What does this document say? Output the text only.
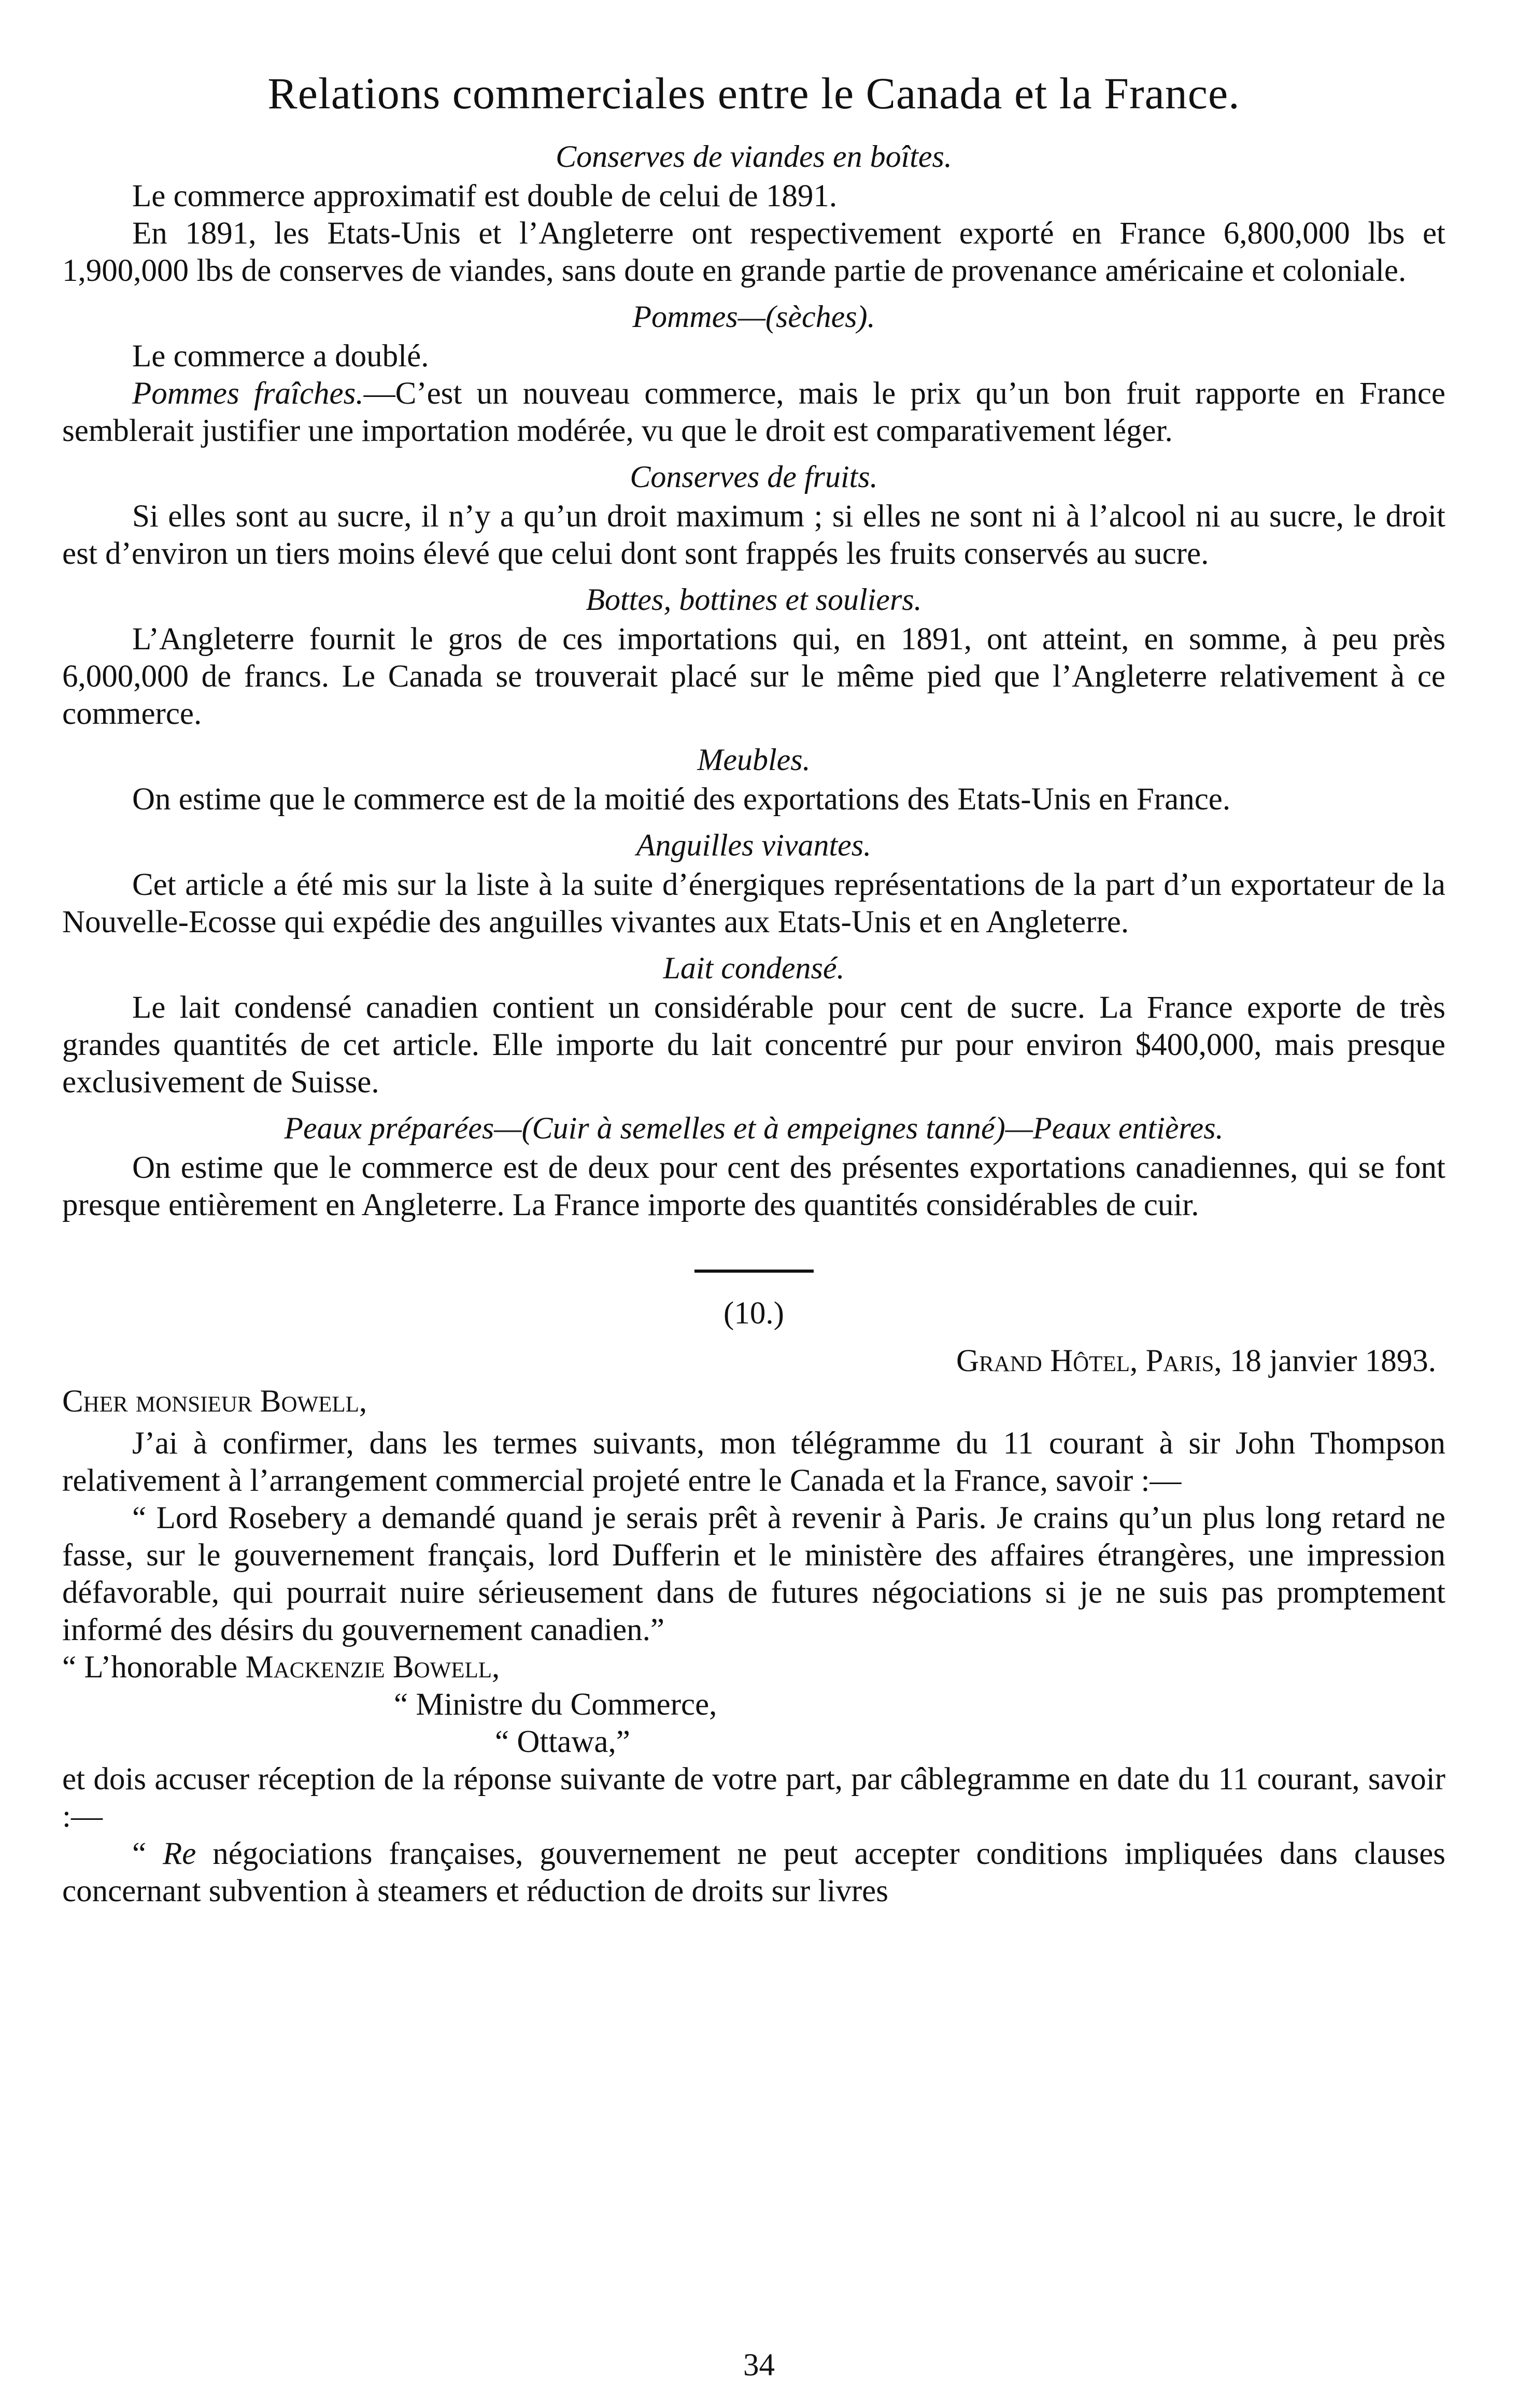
Relations commerciales entre le Canada et la France.
Conserves de viandes en boîtes.

Le commerce approximatif est double de celui de 1891.

En 1891, les Etats-Unis et l’Angleterre ont respectivement exporté en France 6,800,000 lbs et 1,900,000 lbs de conserves de viandes, sans doute en grande partie de provenance américaine et coloniale.

Pommes—(sèches).

Le commerce a doublé.

Pommes fraîches.—C’est un nouveau commerce, mais le prix qu’un bon fruit rapporte en France semblerait justifier une importation modérée, vu que le droit est comparativement léger.

Conserves de fruits.

Si elles sont au sucre, il n’y a qu’un droit maximum ; si elles ne sont ni à l’alcool ni au sucre, le droit est d’environ un tiers moins élevé que celui dont sont frappés les fruits conservés au sucre.

Bottes, bottines et souliers.

L’Angleterre fournit le gros de ces importations qui, en 1891, ont atteint, en somme, à peu près 6,000,000 de francs. Le Canada se trouverait placé sur le même pied que l’Angleterre relativement à ce commerce.

Meubles.

On estime que le commerce est de la moitié des exportations des Etats-Unis en France.

Anguilles vivantes.

Cet article a été mis sur la liste à la suite d’énergiques représentations de la part d’un exportateur de la Nouvelle-Ecosse qui expédie des anguilles vivantes aux Etats-Unis et en Angleterre.

Lait condensé.

Le lait condensé canadien contient un considérable pour cent de sucre. La France exporte de très grandes quantités de cet article. Elle importe du lait concentré pur pour environ $400,000, mais presque exclusivement de Suisse.

Peaux préparées—(Cuir à semelles et à empeignes tanné)—Peaux entières.

On estime que le commerce est de deux pour cent des présentes exportations canadiennes, qui se font presque entièrement en Angleterre. La France importe des quantités considérables de cuir.

(10.)
Grand Hôtel, Paris, 18 janvier 1893.
Cher monsieur Bowell,

J’ai à confirmer, dans les termes suivants, mon télégramme du 11 courant à sir John Thompson relativement à l’arrangement commercial projeté entre le Canada et la France, savoir :—

“ Lord Rosebery a demandé quand je serais prêt à revenir à Paris. Je crains qu’un plus long retard ne fasse, sur le gouvernement français, lord Dufferin et le ministère des affaires étrangères, une impression défavorable, qui pourrait nuire sérieusement dans de futures négociations si je ne suis pas promptement informé des désirs du gouvernement canadien.”

“ L’honorable Mackenzie Bowell,
“ Ministre du Commerce,
“ Ottawa,”

et dois accuser réception de la réponse suivante de votre part, par câblegramme en date du 11 courant, savoir :—

“ Re négociations françaises, gouvernement ne peut accepter conditions impliquées dans clauses concernant subvention à steamers et réduction de droits sur livres

34
